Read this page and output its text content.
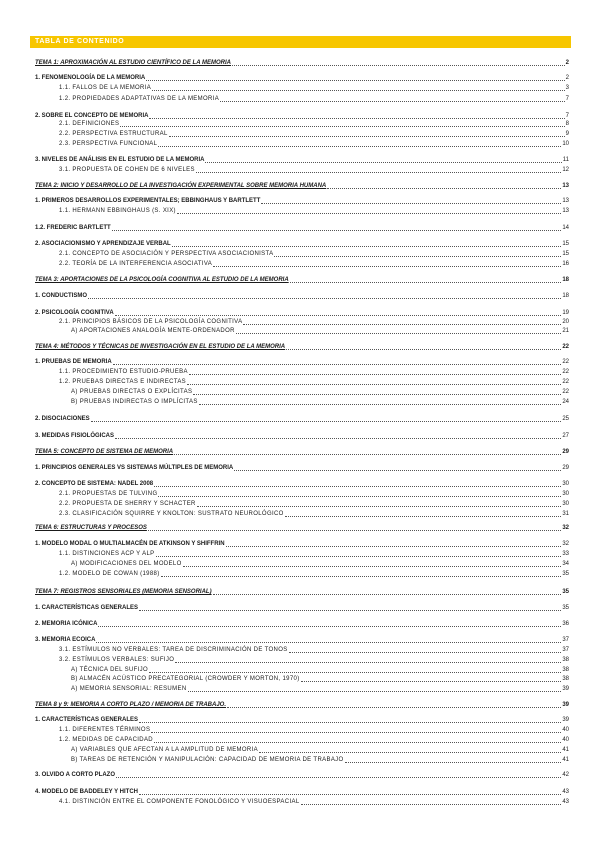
TABLA DE CONTENIDO
TEMA 1: APROXIMACIÓN AL ESTUDIO CIENTÍFICO DE LA MEMORIA	2
1. FENOMENOLOGÍA DE LA MEMORIA	2
1.1. FALLOS DE LA MEMORIA	3
1.2. PROPIEDADES ADAPTATIVAS DE LA MEMORIA	7
2. SOBRE EL CONCEPTO DE MEMORIA	7
2.1. DEFINICIONES	8
2.2. PERSPECTIVA ESTRUCTURAL	9
2.3. PERSPECTIVA FUNCIONAL	10
3. NIVELES DE ANÁLISIS EN EL ESTUDIO DE LA MEMORIA	11
3.1. PROPUESTA DE COHEN DE 6 NIVELES	12
TEMA 2: INICIO Y DESARROLLO DE LA INVESTIGACIÓN EXPERIMENTAL SOBRE MEMORIA HUMANA	13
1. PRIMEROS DESARROLLOS EXPERIMENTALES; EBBINGHAUS Y BARTLETT	13
1.1. HERMANN EBBINGHAUS (S. XIX)	13
1.2. FREDERIC BARTLETT	14
2. ASOCIACIONISMO Y APRENDIZAJE VERBAL	15
2.1. CONCEPTO DE ASOCIACIÓN Y PERSPECTIVA ASOCIACIONISTA	15
2.2. TEORÍA DE LA INTERFERENCIA ASOCIATIVA	16
TEMA 3: APORTACIONES DE LA PSICOLOGÍA COGNITIVA AL ESTUDIO DE LA MEMORIA	18
1. CONDUCTISMO	18
2. PSICOLOGÍA COGNITIVA	19
2.1. PRINCIPIOS BÁSICOS DE LA PSICOLOGÍA COGNITIVA	20
A) APORTACIONES ANALOGÍA MENTE-ORDENADOR	21
TEMA 4: MÉTODOS Y TÉCNICAS DE INVESTIGACIÓN EN EL ESTUDIO DE LA MEMORIA	22
1. PRUEBAS DE MEMORIA	22
1.1. PROCEDIMIENTO ESTUDIO-PRUEBA	22
1.2. PRUEBAS DIRECTAS E INDIRECTAS	22
A) PRUEBAS DIRECTAS O EXPLÍCITAS	22
B) PRUEBAS INDIRECTAS O IMPLÍCITAS	24
2. DISOCIACIONES	25
3. MEDIDAS FISIOLÓGICAS	27
TEMA 5: CONCEPTO DE SISTEMA DE MEMORIA	29
1. PRINCIPIOS GENERALES VS SISTEMAS MÚLTIPLES DE MEMORIA	29
2. CONCEPTO DE SISTEMA: NADEL 2008	30
2.1. PROPUESTAS DE TULVING	30
2.2. PROPUESTA DE SHERRY Y SCHACTER	30
2.3. CLASIFICACIÓN SQUIRRE Y KNOLTON: SUSTRATO NEUROLÓGICO	31
TEMA 6: ESTRUCTURAS Y PROCESOS	32
1. MODELO MODAL O MULTIALMACÉN DE ATKINSON Y SHIFFRIN	32
1.1. DISTINCIONES ACP Y ALP	33
A) MODIFICACIONES DEL MODELO	34
1.2. MODELO DE COWAN (1988)	35
TEMA 7: REGISTROS SENSORIALES (MEMORIA SENSORIAL)	35
1. CARACTERÍSTICAS GENERALES	35
2. MEMORIA ICÓNICA	36
3. MEMORIA ECOICA	37
3.1. ESTÍMULOS NO VERBALES: TAREA DE DISCRIMINACIÓN DE TONOS	37
3.2. ESTÍMULOS VERBALES: SUFIJO	38
A) TÉCNICA DEL SUFIJO	38
B) ALMACÉN ACÚSTICO PRECATEGORIAL (CROWDER Y MORTON, 1970)	38
A) MEMORIA SENSORIAL: RESUMEN	39
TEMA 8 y 9: MEMORIA A CORTO PLAZO / MEMORIA DE TRABAJO.	39
1. CARACTERÍSTICAS GENERALES	39
1.1. DIFERENTES TÉRMINOS	40
1.2. MEDIDAS DE CAPACIDAD	40
A) VARIABLES QUE AFECTAN A LA AMPLITUD DE MEMORIA	41
B) TAREAS DE RETENCIÓN Y MANIPULACIÓN: CAPACIDAD DE MEMORIA DE TRABAJO	41
3. OLVIDO A CORTO PLAZO	42
4. MODELO DE BADDELEY Y HITCH	43
4.1. DISTINCIÓN ENTRE EL COMPONENTE FONOLÓGICO Y VISUOESPACIAL	43
